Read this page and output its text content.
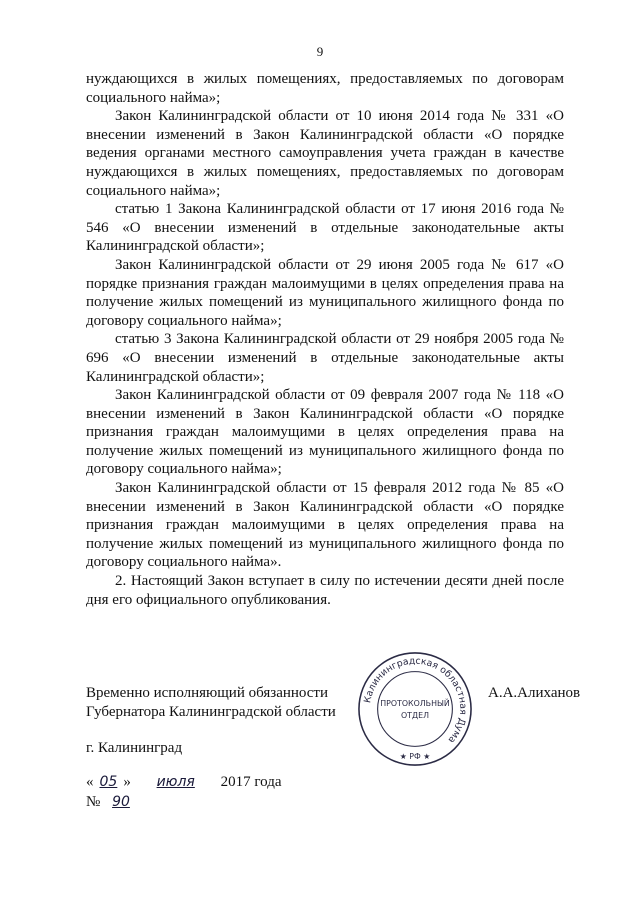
9

нуждающихся в жилых помещениях, предоставляемых по договорам социального найма»;

Закон Калининградской области от 10 июня 2014 года № 331 «О внесении изменений в Закон Калининградской области «О порядке ведения органами местного самоуправления учета граждан в качестве нуждающихся в жилых помещениях, предоставляемых по договорам социального найма»;

статью 1 Закона Калининградской области от 17 июня 2016 года № 546 «О внесении изменений в отдельные законодательные акты Калининградской области»;

Закон Калининградской области от 29 июня 2005 года № 617 «О порядке признания граждан малоимущими в целях определения права на получение жилых помещений из муниципального жилищного фонда по договору социального найма»;

статью 3 Закона Калининградской области от 29 ноября 2005 года № 696 «О внесении изменений в отдельные законодательные акты Калининградской области»;

Закон Калининградской области от 09 февраля 2007 года № 118 «О внесении изменений в Закон Калининградской области «О порядке признания граждан малоимущими в целях определения права на получение жилых помещений из муниципального жилищного фонда по договору социального найма»;

Закон Калининградской области от 15 февраля 2012 года № 85 «О внесении изменений в Закон Калининградской области «О порядке признания граждан малоимущими в целях определения права на получение жилых помещений из муниципального жилищного фонда по договору социального найма».

2. Настоящий Закон вступает в силу по истечении десяти дней после дня его официального опубликования.

Временно исполняющий обязанности
Губернатора Калининградской области
Калининградская областная Дума
ПРОТОКОЛЬНЫЙ
ОТДЕЛ
★ РФ ★
А.А.Алиханов
г. Калининград
« 05 » июля 2017 года
№ 90
